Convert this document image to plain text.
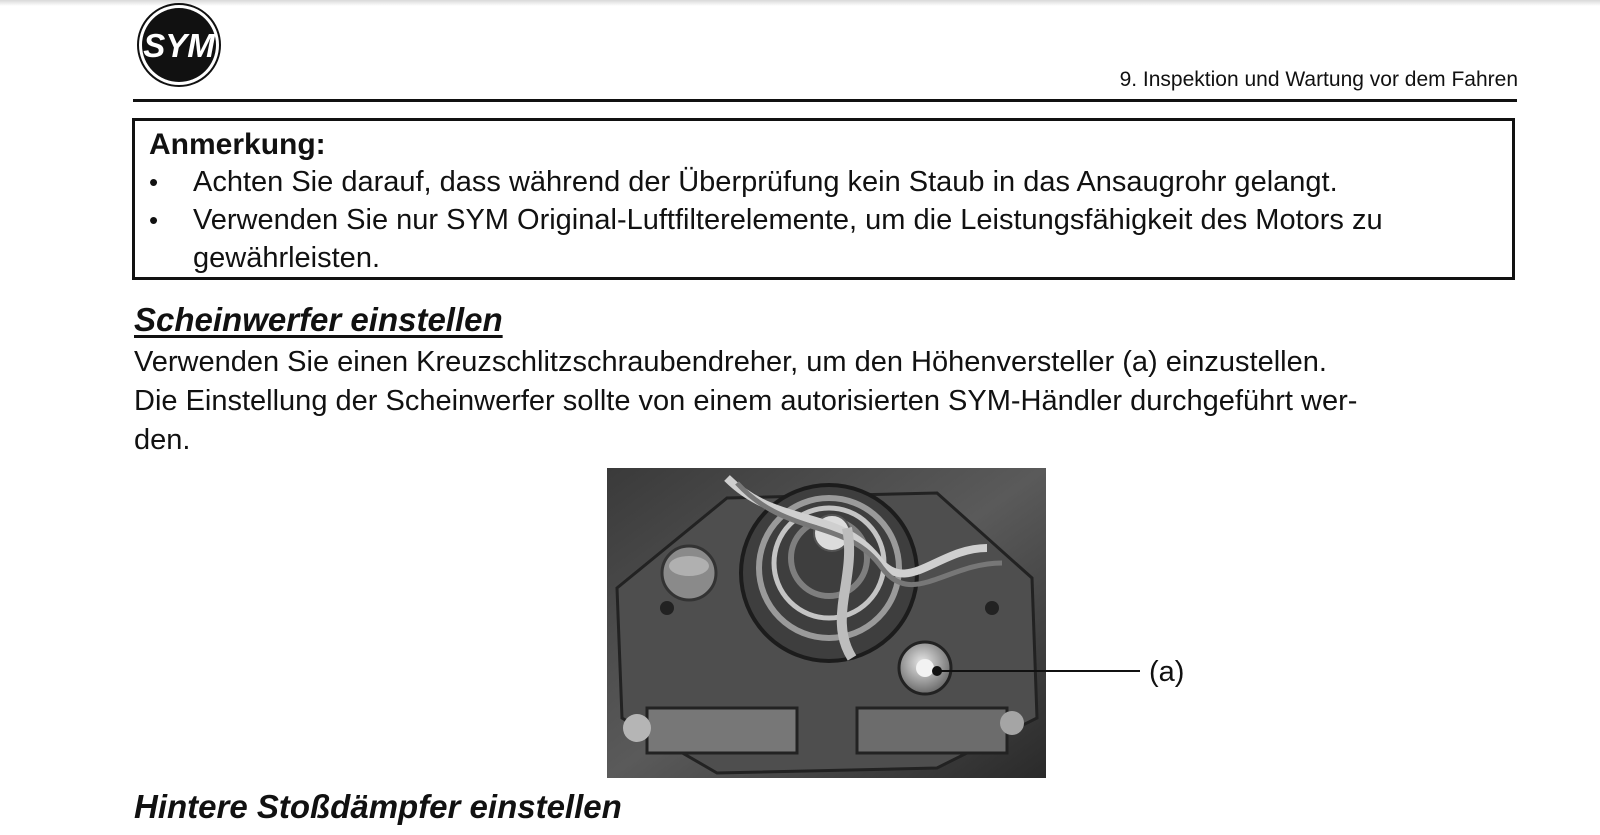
SYM
9. Inspektion und Wartung vor dem Fahren

Anmerkung:

•	Achten Sie darauf, dass während der Überprüfung kein Staub in das Ansaugrohr gelangt.
•	Verwenden Sie nur SYM Original-Luftfilterelemente, um die Leistungsfähigkeit des Motors zu gewährleisten.
Scheinwerfer einstellen

Verwenden Sie einen Kreuzschlitzschraubendreher, um den Höhenversteller (a) einzustellen.
Die Einstellung der Scheinwerfer sollte von einem autorisierten SYM-Händler durchgeführt wer-
den.

(a)
Hintere Stoßdämpfer einstellen
